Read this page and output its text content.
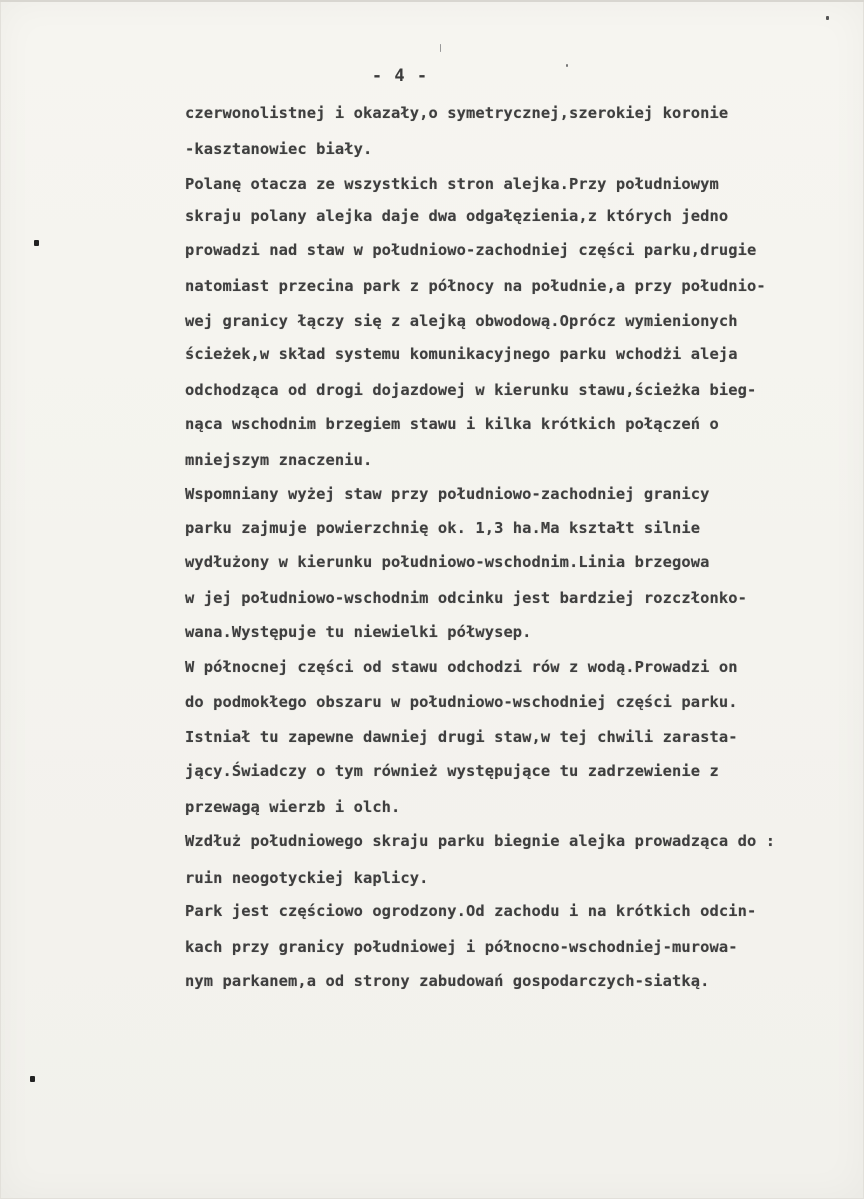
- 4 -
czerwonolistnej i okazały,o symetrycznej,szerokiej koronie
-kasztanowiec biały.
Polanę otacza ze wszystkich stron alejka.Przy południowym
skraju polany alejka daje dwa odgałęzienia,z których jedno
prowadzi nad staw w południowo-zachodniej części parku,drugie
natomiast przecina park z północy na południe,a przy południo-
wej granicy łączy się z alejką obwodową.Oprócz wymienionych
ścieżek,w skład systemu komunikacyjnego parku wchodżi aleja
odchodząca od drogi dojazdowej w kierunku stawu,ścieżka bieg-
nąca wschodnim brzegiem stawu i kilka krótkich połączeń o
mniejszym znaczeniu.
Wspomniany wyżej staw przy południowo-zachodniej granicy
parku zajmuje powierzchnię ok. 1,3 ha.Ma kształt silnie
wydłużony w kierunku południowo-wschodnim.Linia brzegowa
w jej południowo-wschodnim odcinku jest bardziej rozczłonko-
wana.Występuje tu niewielki półwysep.
W północnej części od stawu odchodzi rów z wodą.Prowadzi on
do podmokłego obszaru w południowo-wschodniej części parku.
Istniał tu zapewne dawniej drugi staw,w tej chwili zarasta-
jący.Świadczy o tym również występujące tu zadrzewienie z
przewagą wierzb i olch.
Wzdłuż południowego skraju parku biegnie alejka prowadząca do :
ruin neogotyckiej kaplicy.
Park jest częściowo ogrodzony.Od zachodu i na krótkich odcin-
kach przy granicy południowej i północno-wschodniej-murowa-
nym parkanem,a od strony zabudowań gospodarczych-siatką.
